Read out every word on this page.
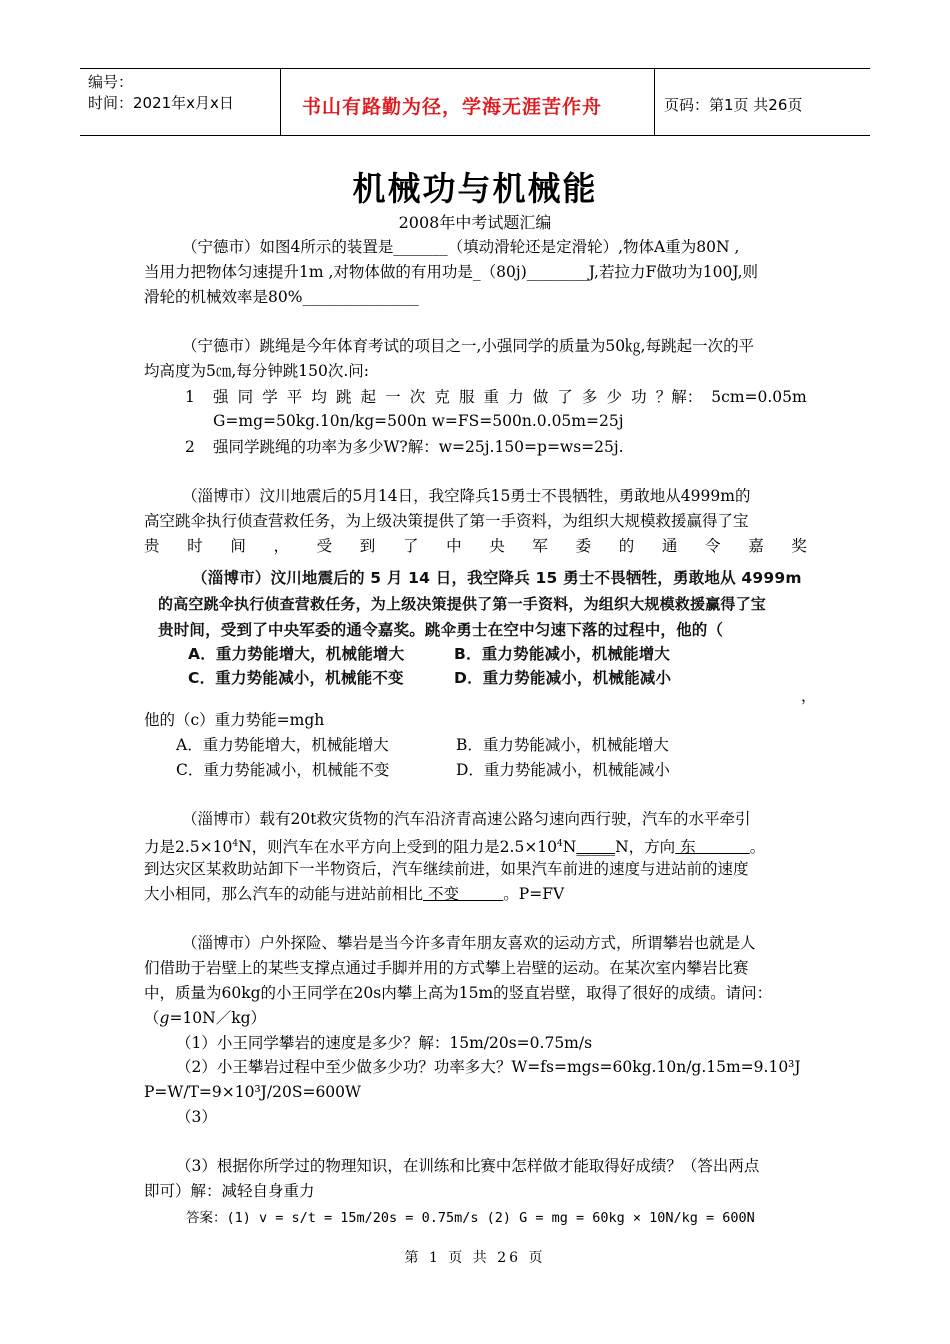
编号：
时间：2021年x月x日	书山有路勤为径，学海无涯苦作舟	页码：第1页 共26页
机械功与机械能
2008年中考试题汇编
（宁德市）如图4所示的装置是_______（填动滑轮还是定滑轮）,物体A重为80N ,
当用力把物体匀速提升1m ,对物体做的有用功是_（80j)________J,若拉力F做功为100J,则
滑轮的机械效率是80%_______________
（宁德市）跳绳是今年体育考试的项目之一,小强同学的质量为50㎏,每跳起一次的平
均高度为5㎝,每分钟跳150次.问:
1 强 同 学 平 均 跳 起 一 次 克 服 重 力 做 了 多 少 功 ？解： 5cm=0.05m
G=mg=50kg.10n/kg=500n w=FS=500n.0.05m=25j
2 强同学跳绳的功率为多少W?解：w=25j.150=p=ws=25j.
（淄博市）汶川地震后的5月14日，我空降兵15勇士不畏牺牲，勇敢地从4999m的
高空跳伞执行侦查营救任务，为上级决策提供了第一手资料，为组织大规模救援赢得了宝
贵 时 间 ， 受 到 了 中 央 军 委 的 通 令 嘉 奖
（淄博市）汶川地震后的 5 月 14 日，我空降兵 15 勇士不畏牺牲，勇敢地从 4999m
的高空跳伞执行侦查营救任务，为上级决策提供了第一手资料，为组织大规模救援赢得了宝
贵时间，受到了中央军委的通令嘉奖。跳伞勇士在空中匀速下落的过程中，他的（
A．重力势能增大，机械能增大	B．重力势能减小，机械能增大
C．重力势能减小，机械能不变	D．重力势能减小，机械能减小
，
他的（c）重力势能=mgh
A．重力势能增大，机械能增大	B．重力势能减小，机械能增大
C．重力势能减小，机械能不变	D．重力势能减小，机械能减小
（淄博市）载有20t救灾货物的汽车沿济青高速公路匀速向西行驶，汽车的水平牵引
力是$2.5\times 10^4N$，则汽车在水平方向上受到的阻力是$2.5\times 10^4N\_\_\_\_\_N$，方向 东           。
到达灾区某救助站卸下一半物资后，汽车继续前进，如果汽车前进的速度与进站前的速度
大小相同，那么汽车的动能与进站前相比 不变         。P=FV
（淄博市）户外探险、攀岩是当今许多青年朋友喜欢的运动方式，所谓攀岩也就是人
们借助于岩壁上的某些支撑点通过手脚并用的方式攀上岩壁的运动。在某次室内攀岩比赛
中，质量为60kg的小王同学在20s内攀上高为15m的竖直岩壁，取得了很好的成绩。请问：
（g=10N／kg）
（1）小王同学攀岩的速度是多少？解：15m/20s=0.75m/s
（2）小王攀岩过程中至少做多少功？功率多大？W=fs=mgs=60kg.10n/g.15m=9.10³J
P=W/T=9×10³J/20S=600W
（3）
（3）根据你所学过的物理知识，在训练和比赛中怎样做才能取得好成绩？（答出两点
即可）解：减轻自身重力
答案：(1) v = s/t = 15m/20s = 0.75m/s (2) G = mg = 60kg × 10N/kg = 600N
第 1 页 共 26 页
